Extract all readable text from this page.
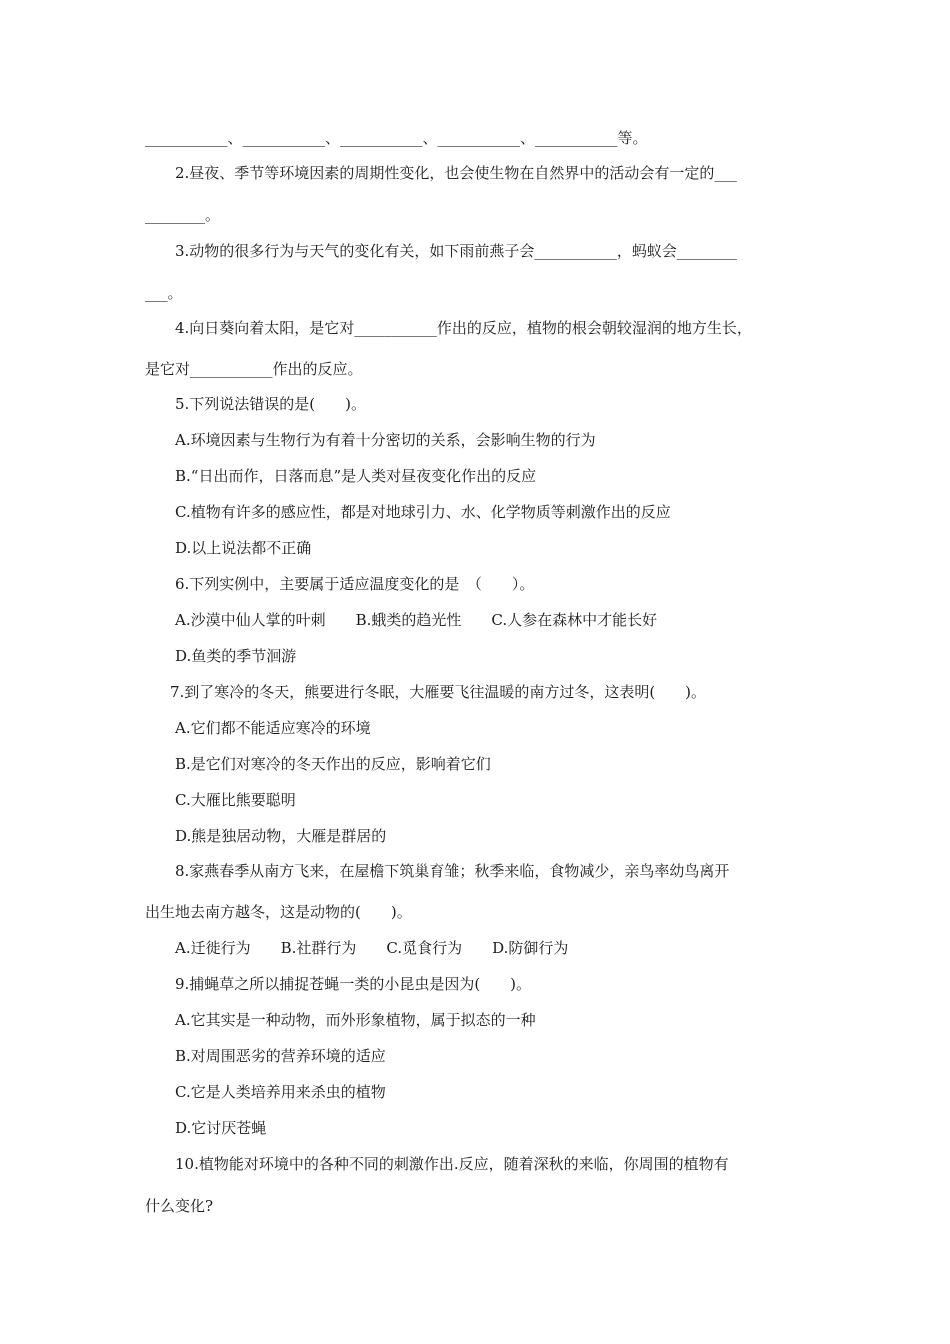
___________、___________、___________、___________、___________等。
2.昼夜、季节等环境因素的周期性变化，也会使生物在自然界中的活动会有一定的___
________。
3.动物的很多行为与天气的变化有关，如下雨前燕子会___________，蚂蚁会________
___。
4.向日葵向着太阳，是它对___________作出的反应，植物的根会朝较湿润的地方生长，
是它对___________作出的反应。
5.下列说法错误的是(　　)。
A.环境因素与生物行为有着十分密切的关系，会影响生物的行为
B.“日出而作，日落而息”是人类对昼夜变化作出的反应
C.植物有许多的感应性，都是对地球引力、水、化学物质等刺激作出的反应
D.以上说法都不正确
6.下列实例中，主要属于适应温度变化的是　（　　）。
A.沙漠中仙人掌的叶刺　　B.蛾类的趋光性　　C.人参在森林中才能长好
D.鱼类的季节洄游
7.到了寒冷的冬天，熊要进行冬眠，大雁要飞往温暖的南方过冬，这表明(　　)。
A.它们都不能适应寒冷的环境
B.是它们对寒冷的冬天作出的反应，影响着它们
C.大雁比熊要聪明
D.熊是独居动物，大雁是群居的
8.家燕春季从南方飞来，在屋檐下筑巢育雏；秋季来临，食物减少，亲鸟率幼鸟离开
出生地去南方越冬，这是动物的(　　)。
A.迁徙行为　　B.社群行为　　C.觅食行为　　D.防御行为
9.捕蝇草之所以捕捉苍蝇一类的小昆虫是因为(　　)。
A.它其实是一种动物，而外形象植物，属于拟态的一种
B.对周围恶劣的营养环境的适应
C.它是人类培养用来杀虫的植物
D.它讨厌苍蝇
10.植物能对环境中的各种不同的刺激作出.反应，随着深秋的来临，你周围的植物有
什么变化?
